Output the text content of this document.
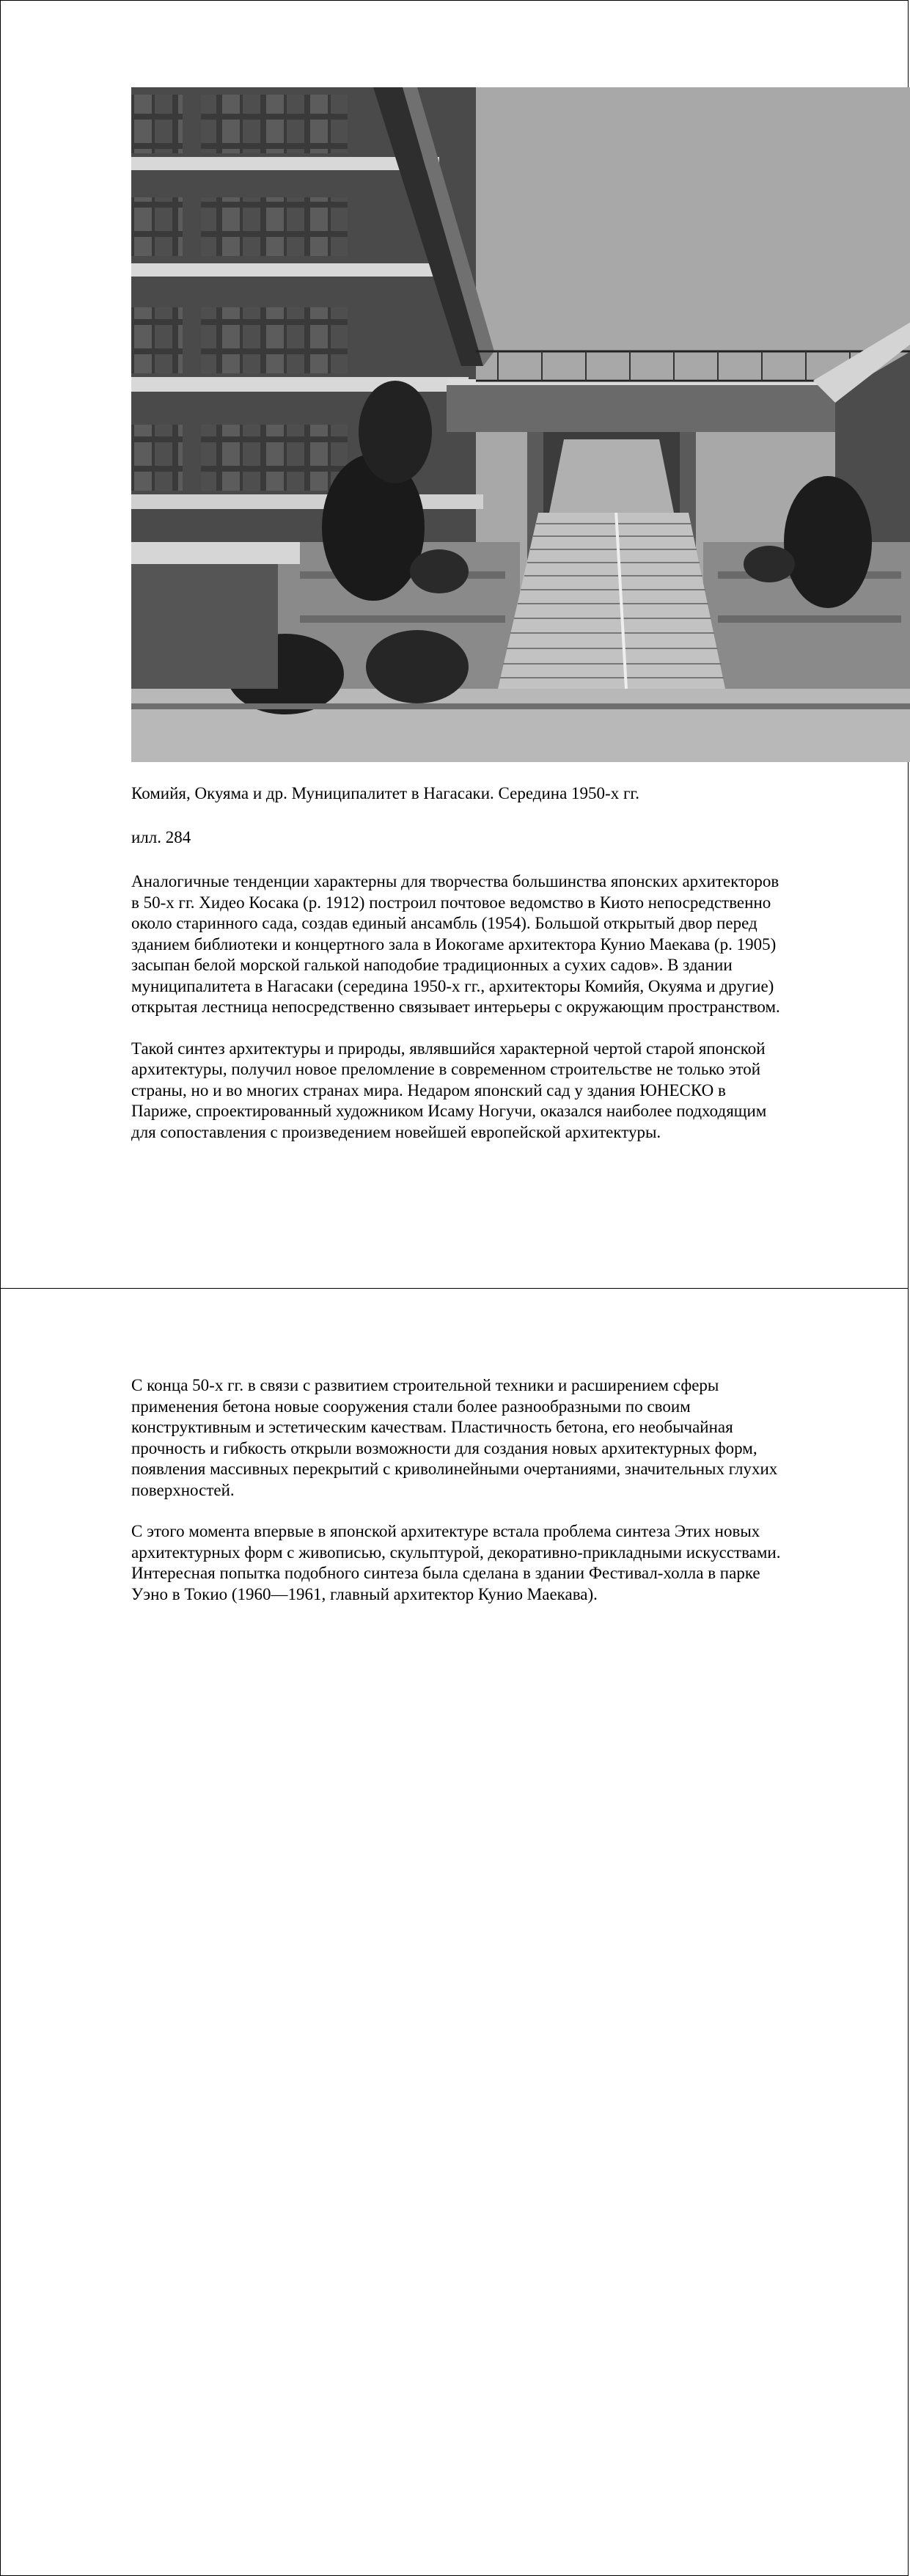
Комийя, Окуяма и др. Муниципалитет в Нагасаки. Середина 1950-х гг.

илл. 284

Аналогичные тенденции характерны для творчества большинства японских архитекторов
в 50-х гг. Хидео Косака (р. 1912) построил почтовое ведомство в Киото непосредственно
около старинного сада, создав единый ансамбль (1954). Большой открытый двор перед
зданием библиотеки и концертного зала в Иокогаме архитектора Кунио Маекава (р. 1905)
засыпан белой морской галькой наподобие традиционных а сухих садов». В здании
муниципалитета в Нагасаки (середина 1950-х гг., архитекторы Комийя, Окуяма и другие)
открытая лестница непосредственно связывает интерьеры с окружающим пространством.

Такой синтез архитектуры и природы, являвшийся характерной чертой старой японской
архитектуры, получил новое преломление в современном строительстве не только этой
страны, но и во многих странах мира. Недаром японский сад у здания ЮНЕСКО в
Париже, спроектированный художником Исаму Ногучи, оказался наиболее подходящим
для сопоставления с произведением новейшей европейской архитектуры.

С конца 50-х гг. в связи с развитием строительной техники и расширением сферы
применения бетона новые сооружения стали более разнообразными по своим
конструктивным и эстетическим качествам. Пластичность бетона, его необычайная
прочность и гибкость открыли возможности для создания новых архитектурных форм,
появления массивных перекрытий с криволинейными очертаниями, значительных глухих
поверхностей.

С этого момента впервые в японской архитектуре встала проблема синтеза Этих новых
архитектурных форм с живописью, скульптурой, декоративно-прикладными искусствами.
Интересная попытка подобного синтеза была сделана в здании Фестивал-холла в парке
Уэно в Токио (1960—1961, главный архитектор Кунио Маекава).
